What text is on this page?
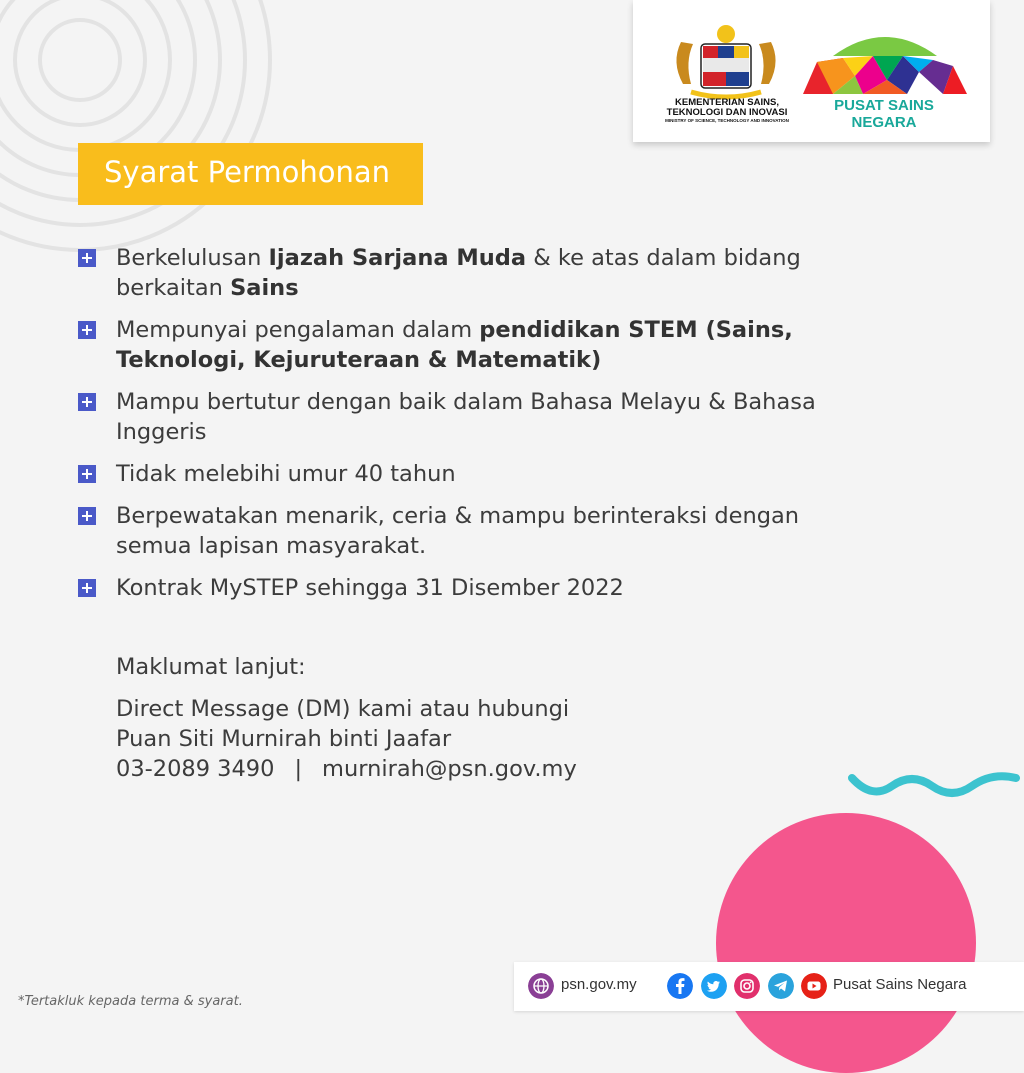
KEMENTERIAN SAINS,
TEKNOLOGI DAN INOVASI
MINISTRY OF SCIENCE, TECHNOLOGY AND INNOVATION
PUSAT SAINS NEGARA
Syarat Permohonan
Berkelulusan Ijazah Sarjana Muda & ke atas dalam bidang berkaitan Sains
Mempunyai pengalaman dalam pendidikan STEM (Sains, Teknologi, Kejuruteraan & Matematik)
Mampu bertutur dengan baik dalam Bahasa Melayu & Bahasa Inggeris
Tidak melebihi umur 40 tahun
Berpewatakan menarik, ceria & mampu berinteraksi dengan semua lapisan masyarakat.
Kontrak MySTEP sehingga 31 Disember 2022
Maklumat lanjut:
Direct Message (DM) kami atau hubungi
Puan Siti Murnirah binti Jaafar
03-2089 3490 | murnirah@psn.gov.my
psn.gov.my	Pusat Sains Negara
*Tertakluk kepada terma & syarat.
